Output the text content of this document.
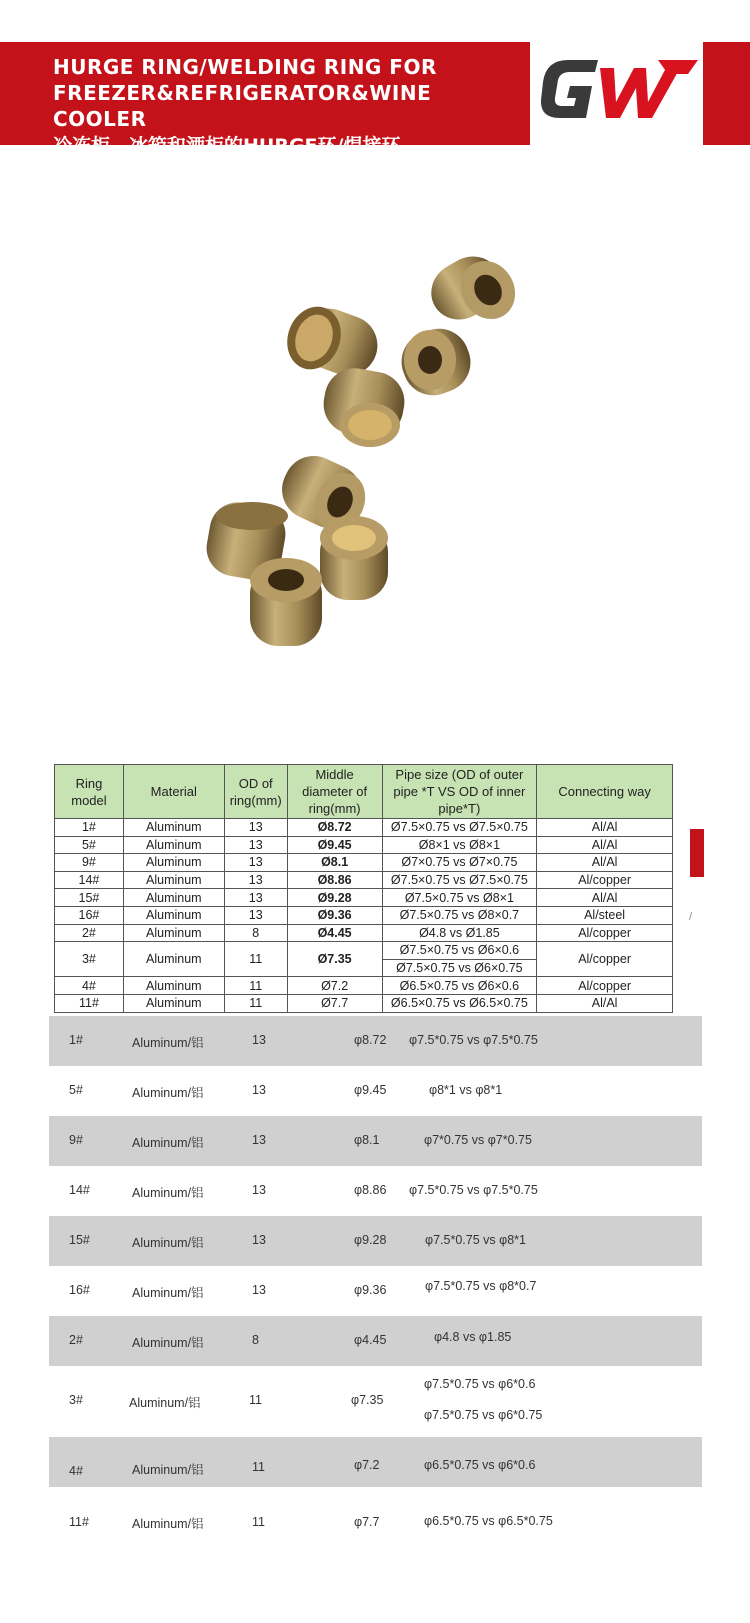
HURGE RING/WELDING RING FOR
FREEZER&REFRIGERATOR&WINE COOLER
冷冻柜、冰箱和酒柜的HURGE环/焊接环
Ring model	Material	OD of ring(mm)	Middle diameter of ring(mm)	Pipe size (OD of outer pipe *T VS OD of inner pipe*T)	Connecting way
1#	Aluminum	13	Ø8.72	Ø7.5×0.75 vs Ø7.5×0.75	Al/Al
5#	Aluminum	13	Ø9.45	Ø8×1 vs Ø8×1	Al/Al
9#	Aluminum	13	Ø8.1	Ø7×0.75 vs Ø7×0.75	Al/Al
14#	Aluminum	13	Ø8.86	Ø7.5×0.75 vs Ø7.5×0.75	Al/copper
15#	Aluminum	13	Ø9.28	Ø7.5×0.75 vs Ø8×1	Al/Al
16#	Aluminum	13	Ø9.36	Ø7.5×0.75 vs Ø8×0.7	Al/steel
2#	Aluminum	8	Ø4.45	Ø4.8 vs Ø1.85	Al/copper
3#	Aluminum	11	Ø7.35	Ø7.5×0.75 vs Ø6×0.6	Al/copper
				Ø7.5×0.75 vs Ø6×0.75	
4#	Aluminum	11	Ø7.2	Ø6.5×0.75 vs Ø6×0.6	Al/copper
11#	Aluminum	11	Ø7.7	Ø6.5×0.75 vs Ø6.5×0.75	Al/Al
/
1#	Aluminum/铝	13	φ8.72 φ7.5*0.75 vs φ7.5*0.75
5#	Aluminum/铝	13	φ9.45	φ8*1 vs φ8*1
9#	Aluminum/铝	13	φ8.1	φ7*0.75 vs φ7*0.75
14#	Aluminum/铝	13	φ8.86 φ7.5*0.75 vs φ7.5*0.75
15#	Aluminum/铝	13	φ9.28	φ7.5*0.75 vs φ8*1
16#	Aluminum/铝	13	φ9.36	φ7.5*0.75 vs φ8*0.7
2#	Aluminum/铝	8	φ4.45	φ4.8 vs φ1.85
3#	Aluminum/铝	11	φ7.35
φ7.5*0.75 vs φ6*0.6
φ7.5*0.75 vs φ6*0.75
4#	Aluminum/铝	11	φ7.2	φ6.5*0.75 vs φ6*0.6
11#	Aluminum/铝	11	φ7.7	φ6.5*0.75 vs φ6.5*0.75
